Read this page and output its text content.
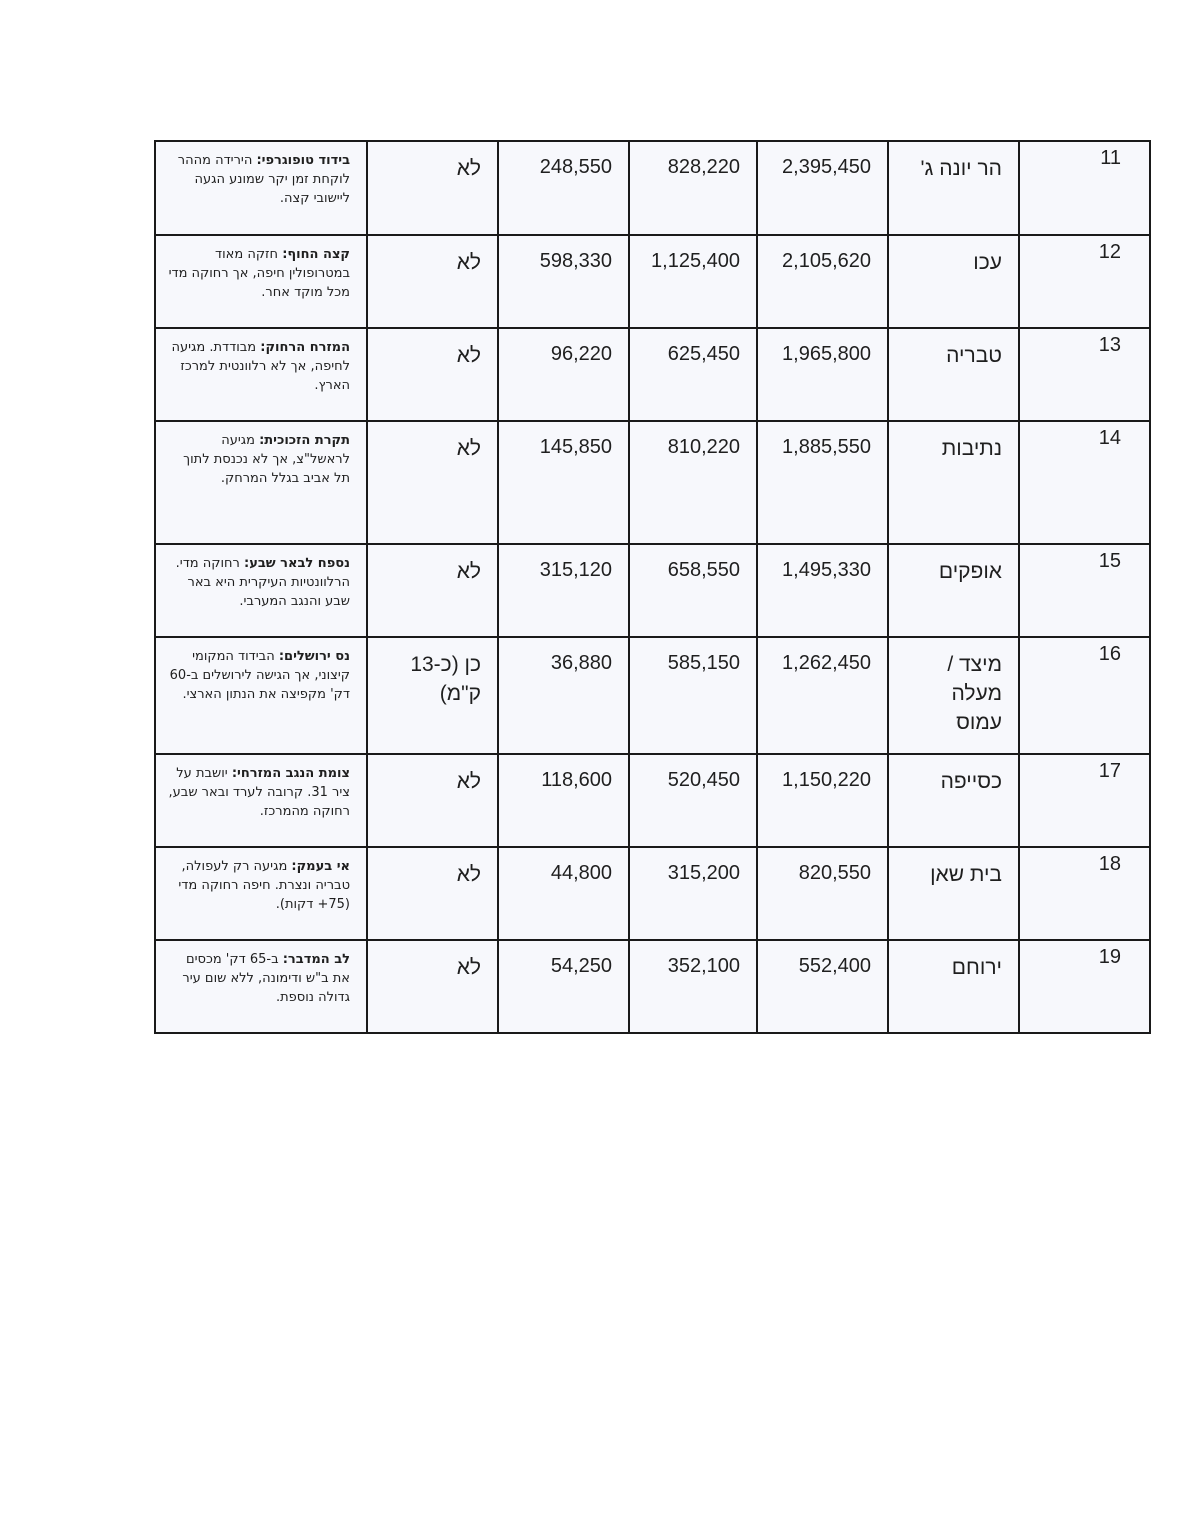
11	הר יונה ג'	2,395,450	828,220	248,550	לא	בידוד טופוגרפי: הירידה מההר לוקחת זמן יקר שמונע הגעה ליישובי קצה.

12	עכו	2,105,620	1,125,400	598,330	לא	קצה החוף: חזקה מאוד במטרופולין חיפה, אך רחוקה מדי מכל מוקד אחר.

13	טבריה	1,965,800	625,450	96,220	לא	המזרח הרחוק: מבודדת. מגיעה לחיפה, אך לא רלוונטית למרכז הארץ.

14	נתיבות	1,885,550	810,220	145,850	לא	תקרת הזכוכית: מגיעה לראשל"צ, אך לא נכנסת לתוך תל אביב בגלל המרחק.

15	אופקים	1,495,330	658,550	315,120	לא	נספח לבאר שבע: רחוקה מדי. הרלוונטיות העיקרית היא באר שבע והנגב המערבי.

16	מיצד / מעלה עמוס	1,262,450	585,150	36,880	כן (כ-13 ק"מ)	נס ירושלים: הבידוד המקומי קיצוני, אך הגישה לירושלים ב-60 דק' מקפיצה את הנתון הארצי.

17	כסייפה	1,150,220	520,450	118,600	לא	צומת הנגב המזרחי: יושבת על ציר 31. קרובה לערד ובאר שבע, רחוקה מהמרכז.

18	בית שאן	820,550	315,200	44,800	לא	אי בעמק: מגיעה רק לעפולה, טבריה ונצרת. חיפה רחוקה מדי (75+ דקות).

19	ירוחם	552,400	352,100	54,250	לא	לב המדבר: ב-65 דק' מכסים את ב"ש ודימונה, ללא שום עיר גדולה נוספת.
